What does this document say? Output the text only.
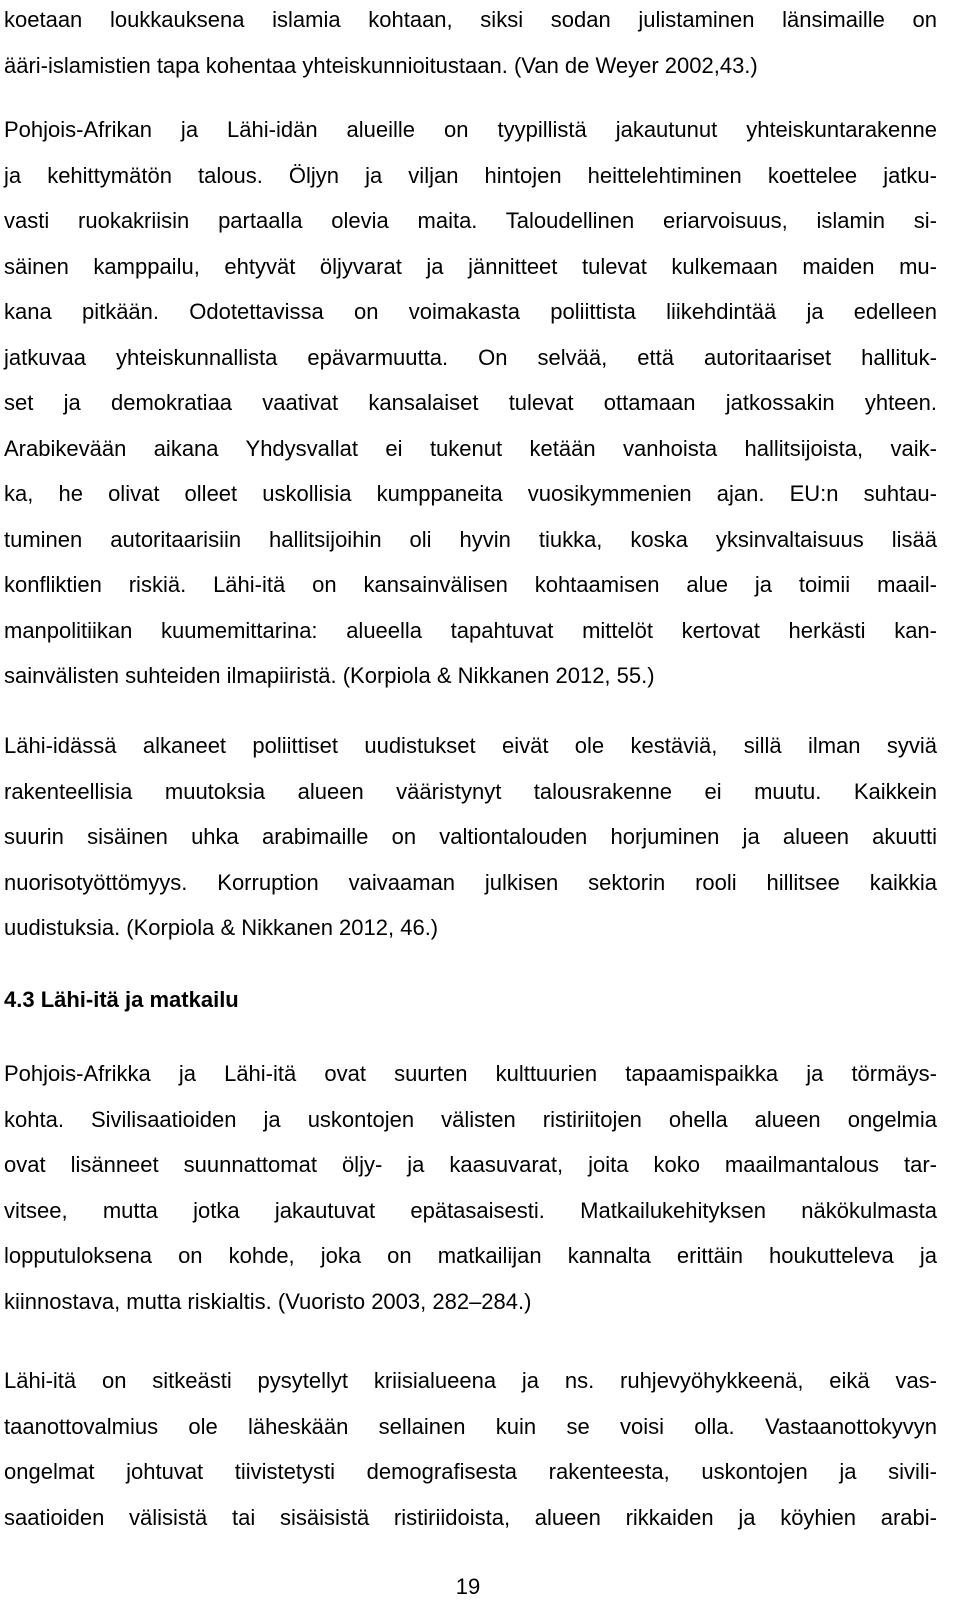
koetaan loukkauksena islamia kohtaan, siksi sodan julistaminen länsimaille on
ääri-islamistien tapa kohentaa yhteiskunnioitustaan. (Van de Weyer 2002,43.)

Pohjois-Afrikan ja Lähi-idän alueille on tyypillistä jakautunut yhteiskuntarakenne
ja kehittymätön talous. Öljyn ja viljan hintojen heittelehtiminen koettelee jatku-
vasti ruokakriisin partaalla olevia maita. Taloudellinen eriarvoisuus, islamin si-
säinen kamppailu, ehtyvät öljyvarat ja jännitteet tulevat kulkemaan maiden mu-
kana pitkään. Odotettavissa on voimakasta poliittista liikehdintää ja edelleen
jatkuvaa yhteiskunnallista epävarmuutta. On selvää, että autoritaariset hallituk-
set ja demokratiaa vaativat kansalaiset tulevat ottamaan jatkossakin yhteen.
Arabikevään aikana Yhdysvallat ei tukenut ketään vanhoista hallitsijoista, vaik-
ka, he olivat olleet uskollisia kumppaneita vuosikymmenien ajan. EU:n suhtau-
tuminen autoritaarisiin hallitsijoihin oli hyvin tiukka, koska yksinvaltaisuus lisää
konfliktien riskiä. Lähi-itä on kansainvälisen kohtaamisen alue ja toimii maail-
manpolitiikan kuumemittarina: alueella tapahtuvat mittelöt kertovat herkästi kan-
sainvälisten suhteiden ilmapiiristä. (Korpiola & Nikkanen 2012, 55.)

Lähi-idässä alkaneet poliittiset uudistukset eivät ole kestäviä, sillä ilman syviä
rakenteellisia muutoksia alueen vääristynyt talousrakenne ei muutu. Kaikkein
suurin sisäinen uhka arabimaille on valtiontalouden horjuminen ja alueen akuutti
nuorisotyöttömyys. Korruption vaivaaman julkisen sektorin rooli hillitsee kaikkia
uudistuksia. (Korpiola & Nikkanen 2012, 46.)

4.3 Lähi-itä ja matkailu

Pohjois-Afrikka ja Lähi-itä ovat suurten kulttuurien tapaamispaikka ja törmäys-
kohta. Sivilisaatioiden ja uskontojen välisten ristiriitojen ohella alueen ongelmia
ovat lisänneet suunnattomat öljy- ja kaasuvarat, joita koko maailmantalous tar-
vitsee, mutta jotka jakautuvat epätasaisesti. Matkailukehityksen näkökulmasta
lopputuloksena on kohde, joka on matkailijan kannalta erittäin houkutteleva ja
kiinnostava, mutta riskialtis. (Vuoristo 2003, 282–284.)

Lähi-itä on sitkeästi pysytellyt kriisialueena ja ns. ruhjevyöhykkeenä, eikä vas-
taanottovalmius ole läheskään sellainen kuin se voisi olla. Vastaanottokyvyn
ongelmat johtuvat tiivistetysti demografisesta rakenteesta, uskontojen ja sivili-
saatioiden välisistä tai sisäisistä ristiriidoista, alueen rikkaiden ja köyhien arabi-

19
